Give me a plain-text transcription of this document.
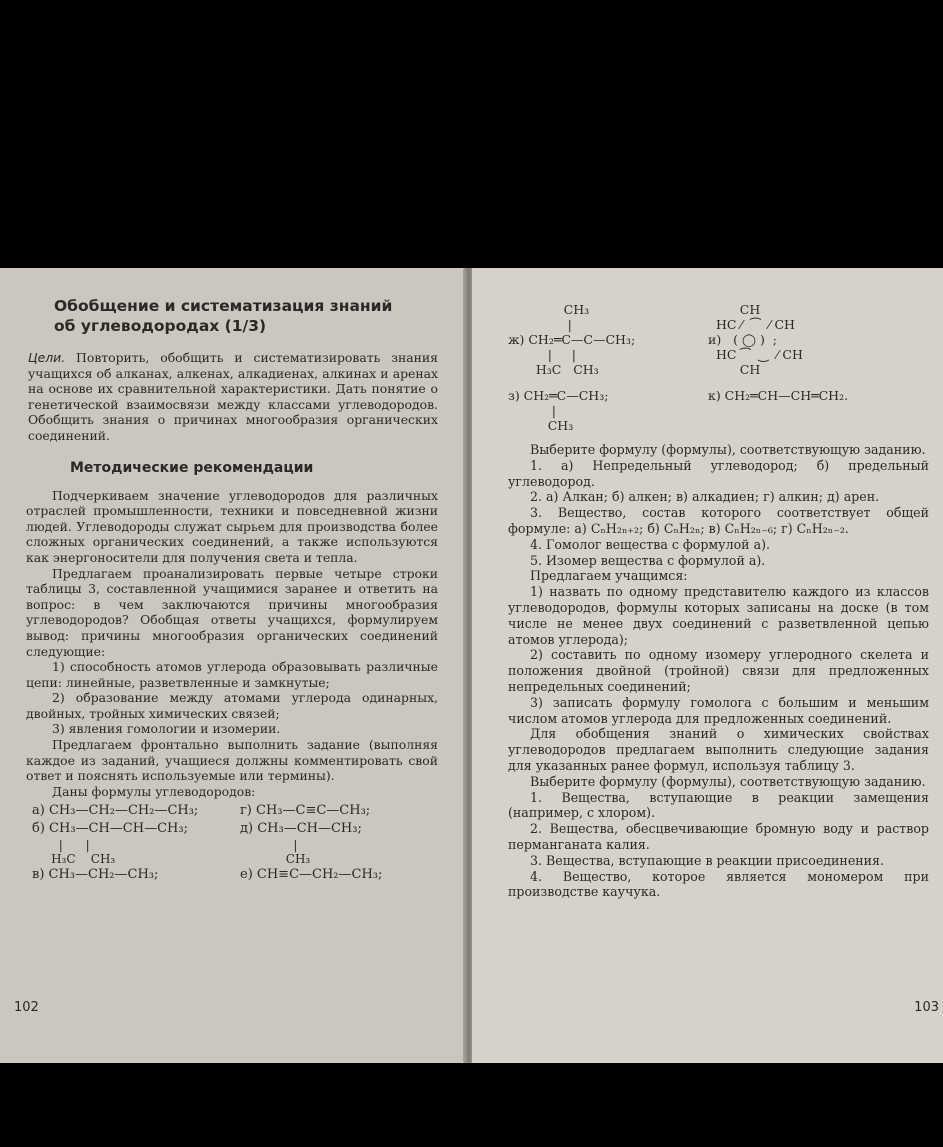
Обобщение и систематизация знаний
об углеводородах (1/3)

Цели. Повторить, обобщить и систематизировать знания учащихся об алканах, алкенах, алкадиенах, алкинах и аренах на основе их сравнительной характеристики. Дать понятие о генетической взаимосвязи между классами углеводородов. Обобщить знания о причинах многообразия органических соединений.

Методические рекомендации

Подчеркиваем значение углеводородов для различных отраслей промышленности, техники и повседневной жизни людей. Углеводороды служат сырьем для производства более сложных органических соединений, а также используются как энергоносители для получения света и тепла.

Предлагаем проанализировать первые четыре строки таблицы 3, составленной учащимися заранее и ответить на вопрос: в чем заключаются причины многообразия углеводородов? Обобщая ответы учащихся, формулируем вывод: причины многообразия органических соединений следующие:

1) способность атомов углерода образовывать различные цепи: линейные, разветвленные и замкнутые;

2) образование между атомами углерода одинарных, двойных, тройных химических связей;

3) явления гомологии и изомерии.

Предлагаем фронтально выполнить задание (выполняя каждое из заданий, учащиеся должны комментировать свой ответ и пояснять используемые или термины).

Даны формулы углеводородов:

а) CH₃—CH₂—CH₂—CH₃;	г) CH₃—C≡C—CH₃;
б) CH₃—CH—CH—CH₃;	д) CH₃—CH—CH₃;
|      |	|
H₃C    CH₃	CH₃
в) CH₃—CH₂—CH₃;	е) CH≡C—CH₂—CH₃;
102
CH₃
|
ж) CH₂═C—C—CH₃;
|     |
H₃C   CH₃
CH
HC ⁄  ⁀  ⁄ CH
и)   ( ◯ )  ;
HC ⁀  ‿  ⁄ CH
CH
з) CH₂═C—CH₃;
|
CH₃
к) CH₂═CH—CH═CH₂.

Выберите формулу (формулы), соответствующую заданию.

1. а) Непредельный углеводород; б) предельный углеводород.

2. а) Алкан; б) алкен; в) алкадиен; г) алкин; д) арен.

3. Вещество, состав которого соответствует общей формуле: а) CₙH₂ₙ₊₂; б) CₙH₂ₙ; в) CₙH₂ₙ₋₆; г) CₙH₂ₙ₋₂.

4. Гомолог вещества с формулой а).

5. Изомер вещества с формулой а).

Предлагаем учащимся:

1) назвать по одному представителю каждого из классов углеводородов, формулы которых записаны на доске (в том числе не менее двух соединений с разветвленной цепью атомов углерода);

2) составить по одному изомеру углеродного скелета и положения двойной (тройной) связи для предложенных непредельных соединений;

3) записать формулу гомолога с большим и меньшим числом атомов углерода для предложенных соединений.

Для обобщения знаний о химических свойствах углеводородов предлагаем выполнить следующие задания для указанных ранее формул, используя таблицу 3.

Выберите формулу (формулы), соответствующую заданию.

1. Вещества, вступающие в реакции замещения (например, с хлором).

2. Вещества, обесцвечивающие бромную воду и раствор перманганата калия.

3. Вещества, вступающие в реакции присоединения.

4. Вещество, которое является мономером при производстве каучука.

103
